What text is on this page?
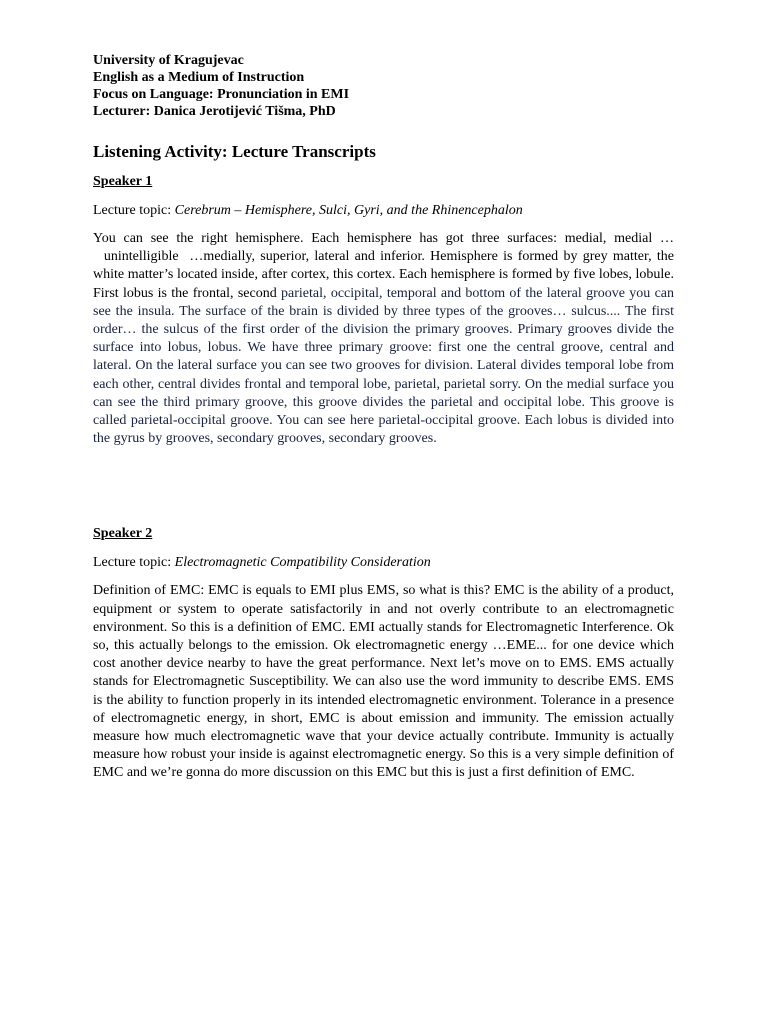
University of Kragujevac
English as a Medium of Instruction
Focus on Language: Pronunciation in EMI
Lecturer: Danica Jerotijević Tišma, PhD
Listening Activity: Lecture Transcripts
Speaker 1
Lecture topic: Cerebrum – Hemisphere, Sulci, Gyri, and the Rhinencephalon
You can see the right hemisphere. Each hemisphere has got three surfaces: medial, medial …  unintelligible …medially, superior, lateral and inferior. Hemisphere is formed by grey matter, the white matter’s located inside, after cortex, this cortex. Each hemisphere is formed by five lobes, lobule. First lobus is the frontal, second parietal, occipital, temporal and bottom of the lateral groove you can see the insula. The surface of the brain is divided by three types of the grooves… sulcus.... The first order… the sulcus of the first order of the division the primary grooves. Primary grooves divide the surface into lobus, lobus. We have three primary groove: first one the central groove, central and lateral. On the lateral surface you can see two grooves for division. Lateral divides temporal lobe from each other, central divides frontal and temporal lobe, parietal, parietal sorry. On the medial surface you can see the third primary groove, this groove divides the parietal and occipital lobe. This groove is called parietal-occipital groove. You can see here parietal-occipital groove. Each lobus is divided into the gyrus by grooves, secondary grooves, secondary grooves.
Speaker 2
Lecture topic: Electromagnetic Compatibility Consideration
Definition of EMC: EMC is equals to EMI plus EMS, so what is this? EMC is the ability of a product, equipment or system to operate satisfactorily in and not overly contribute to an electromagnetic environment. So this is a definition of EMC. EMI actually stands for Electromagnetic Interference. Ok so, this actually belongs to the emission. Ok electromagnetic energy …EME... for one device which cost another device nearby to have the great performance. Next let’s move on to EMS. EMS actually stands for Electromagnetic Susceptibility. We can also use the word immunity to describe EMS. EMS is the ability to function properly in its intended electromagnetic environment. Tolerance in a presence of electromagnetic energy, in short, EMC is about emission and immunity. The emission actually measure how much electromagnetic wave that your device actually contribute. Immunity is actually measure how robust your inside is against electromagnetic energy. So this is a very simple definition of EMC and we’re gonna do more discussion on this EMC but this is just a first definition of EMC.
